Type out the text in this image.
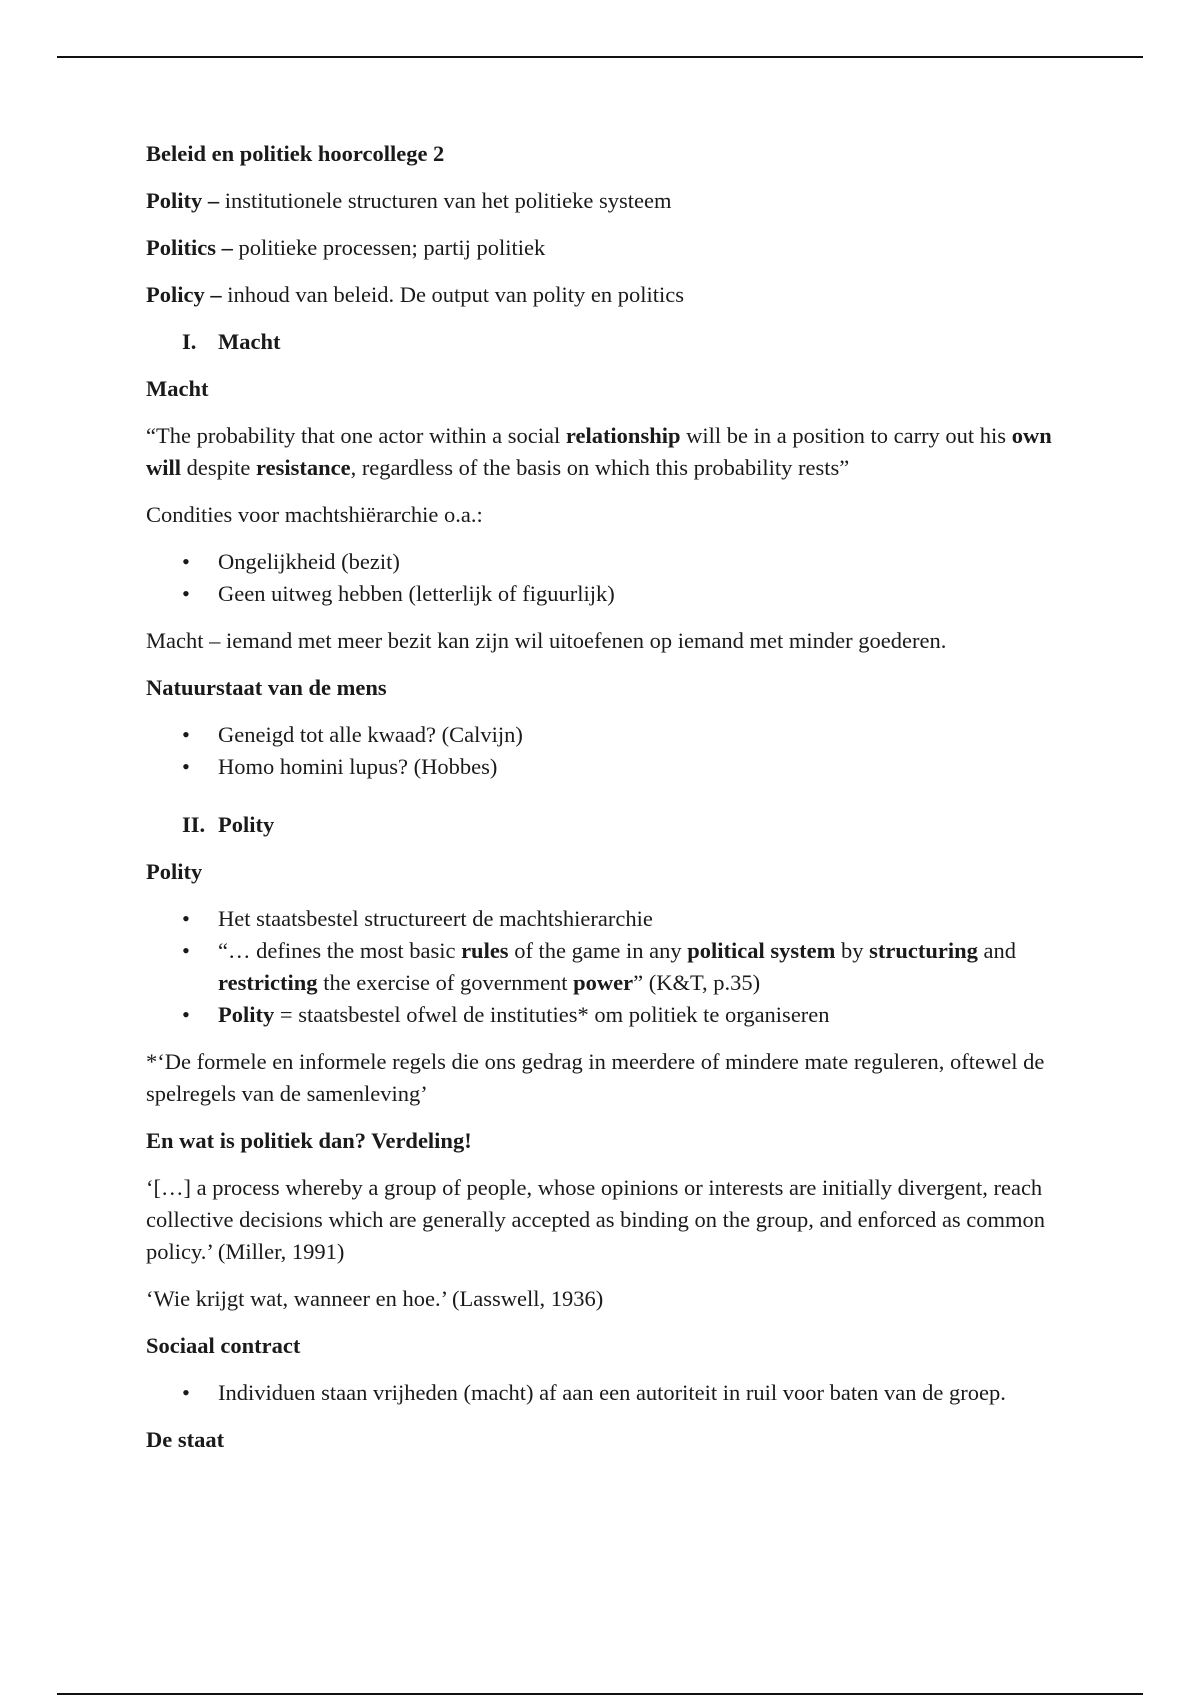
Beleid en politiek hoorcollege 2
Polity – institutionele structuren van het politieke systeem
Politics – politieke processen; partij politiek
Policy – inhoud van beleid. De output van polity en politics
I. Macht
Macht
“The probability that one actor within a social relationship will be in a position to carry out his own will despite resistance, regardless of the basis on which this probability rests”
Condities voor machtshiërarchie o.a.:
• Ongelijkheid (bezit)
• Geen uitweg hebben (letterlijk of figuurlijk)
Macht – iemand met meer bezit kan zijn wil uitoefenen op iemand met minder goederen.
Natuurstaat van de mens
• Geneigd tot alle kwaad? (Calvijn)
• Homo homini lupus? (Hobbes)
II. Polity
Polity
• Het staatsbestel structureert de machtshierarchie
• “… defines the most basic rules of the game in any political system by structuring and restricting the exercise of government power” (K&T, p.35)
• Polity = staatsbestel ofwel de instituties* om politiek te organiseren
*‘De formele en informele regels die ons gedrag in meerdere of mindere mate reguleren, oftewel de spelregels van de samenleving’
En wat is politiek dan? Verdeling!
‘[…] a process whereby a group of people, whose opinions or interests are initially divergent, reach collective decisions which are generally accepted as binding on the group, and enforced as common policy.’ (Miller, 1991)
‘Wie krijgt wat, wanneer en hoe.’ (Lasswell, 1936)
Sociaal contract
• Individuen staan vrijheden (macht) af aan een autoriteit in ruil voor baten van de groep.
De staat
